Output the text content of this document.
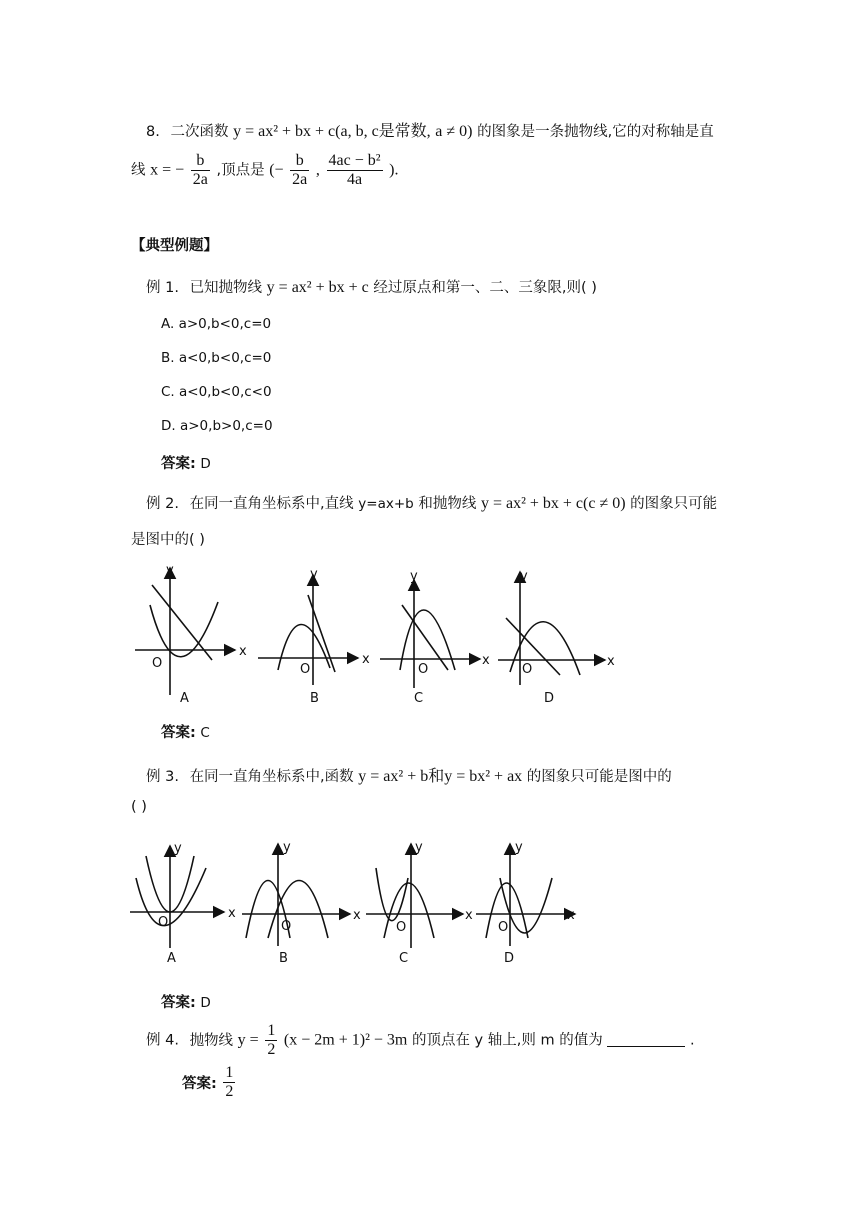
8. 二次函数 y = ax² + bx + c(a, b, c是常数, a ≠ 0) 的图象是一条抛物线,它的对称轴是直
线 x = − $\frac{b}{2a}$ ,顶点是 (− $\frac{b}{2a}$ , $\frac{\text{4ac − b²}}{4a}$ ).
【典型例题】
例 1. 已知抛物线 y = ax² + bx + c 经过原点和第一、二、三象限,则( )
A. a>0,b<0,c=0
B. a<0,b<0,c=0
C. a<0,b<0,c<0
D. a>0,b>0,c=0
答案: D
例 2. 在同一直角坐标系中,直线 y=ax+b 和抛物线 y = ax² + bx + c(c ≠ 0) 的图象只可能
是图中的( )
y
x
O
y
x
O
y
x
O
y
x
O
A	B	C	D
答案: C
例 3. 在同一直角坐标系中,函数 y = ax² + b和y = bx² + ax 的图象只可能是图中的
( )
y
x
O
y
x
O
y
x
O
y
x
O
A	B	C	D
答案: D
例 4. 抛物线 $y = \frac{1}{2} (x - 2m + 1)^2 - 3m$ 的顶点在 y 轴上,则 m 的值为	.
答案: $\frac{1}{2}$
